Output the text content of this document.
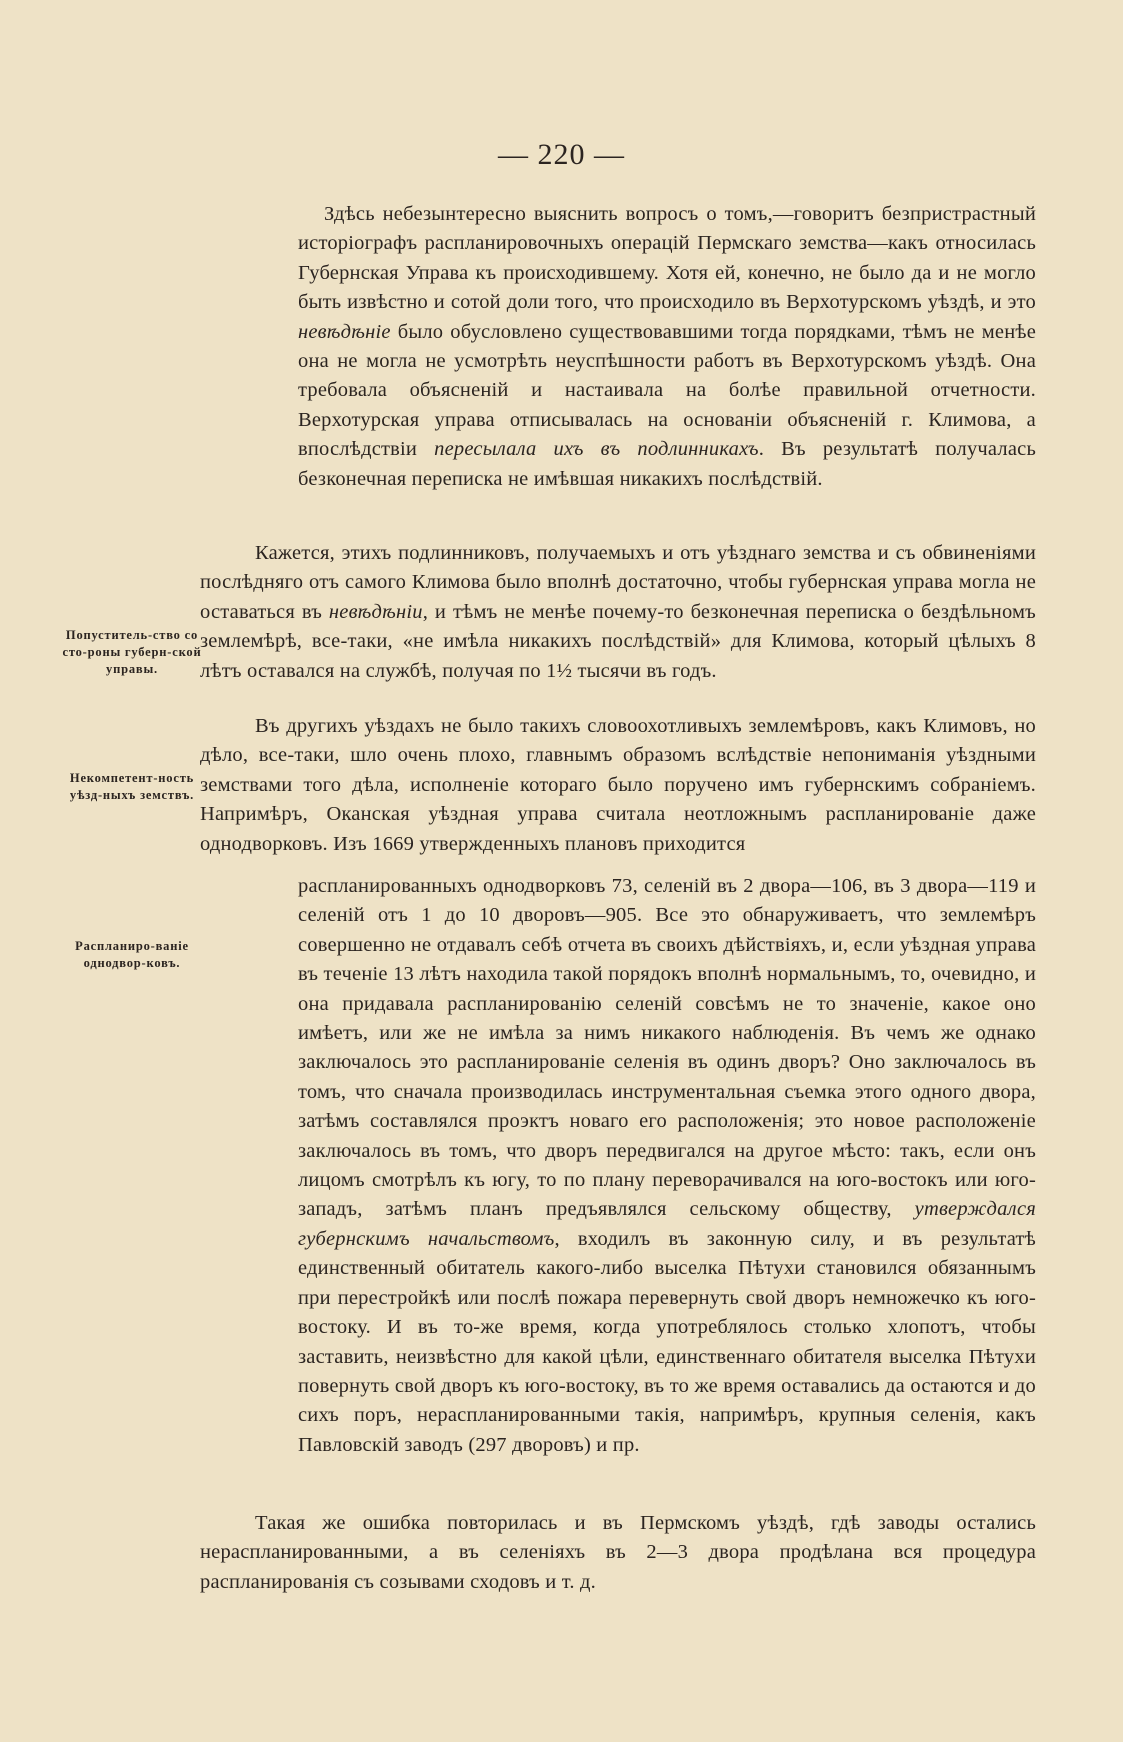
— 220 —

Здѣсь небезынтересно выяснить вопросъ о томъ,—говоритъ безпристрастный исторіографъ распланировочныхъ операцій Пермскаго земства—какъ относилась Губернская Управа къ происходившему. Хотя ей, конечно, не было да и не могло быть извѣстно и сотой доли того, что происходило въ Верхотурскомъ уѣздѣ, и это невѣдѣніе было обусловлено существовавшими тогда порядками, тѣмъ не менѣе она не могла не усмотрѣть неуспѣшности работъ въ Верхотурскомъ уѣздѣ. Она требовала объясненій и настаивала на болѣе правильной отчетности. Верхотурская управа отписывалась на основаніи объясненій г. Климова, а впослѣдствіи пересылала ихъ въ подлинникахъ. Въ результатѣ получалась безконечная переписка не имѣвшая никакихъ послѣдствій.

Кажется, этихъ подлинниковъ, получаемыхъ и отъ уѣзднаго земства и съ обвиненіями послѣдняго отъ самого Климова было вполнѣ достаточно, чтобы губернская управа могла не оставаться въ невѣдѣніи, и тѣмъ не менѣе почему-то безконечная переписка о бездѣльномъ землемѣрѣ, все-таки, «не имѣла никакихъ послѣдствій» для Климова, который цѣлыхъ 8 лѣтъ оставался на службѣ, получая по 1½ тысячи въ годъ.

Въ другихъ уѣздахъ не было такихъ словоохотливыхъ землемѣровъ, какъ Климовъ, но дѣло, все-таки, шло очень плохо, главнымъ образомъ вслѣдствіе непониманія уѣздными земствами того дѣла, исполненіе котораго было поручено имъ губернскимъ собраніемъ. Напримѣръ, Оканская уѣздная управа считала неотложнымъ распланированіе даже однодворковъ. Изъ 1669 утвержденныхъ плановъ приходится

распланированныхъ однодворковъ 73, селеній въ 2 двора—106, въ 3 двора—119 и селеній отъ 1 до 10 дворовъ—905. Все это обнаруживаетъ, что землемѣръ совершенно не отдавалъ себѣ отчета въ своихъ дѣйствіяхъ, и, если уѣздная управа въ теченіе 13 лѣтъ находила такой порядокъ вполнѣ нормальнымъ, то, очевидно, и она придавала распланированію селеній совсѣмъ не то значеніе, какое оно имѣетъ, или же не имѣла за нимъ никакого наблюденія. Въ чемъ же однако заключалось это распланированіе селенія въ одинъ дворъ? Оно заключалось въ томъ, что сначала производилась инструментальная съемка этого одного двора, затѣмъ составлялся проэктъ новаго его расположенія; это новое расположеніе заключалось въ томъ, что дворъ передвигался на другое мѣсто: такъ, если онъ лицомъ смотрѣлъ къ югу, то по плану переворачивался на юго-востокъ или юго-западъ, затѣмъ планъ предъявлялся сельскому обществу, утверждался губернскимъ начальствомъ, входилъ въ законную силу, и въ результатѣ единственный обитатель какого-либо выселка Пѣтухи становился обязаннымъ при перестройкѣ или послѣ пожара перевернуть свой дворъ немножечко къ юго-востоку. И въ то-же время, когда употреблялось столько хлопотъ, чтобы заставить, неизвѣстно для какой цѣли, единственнаго обитателя выселка Пѣтухи повернуть свой дворъ къ юго-востоку, въ то же время оставались да остаются и до сихъ поръ, нераспланированными такія, напримѣръ, крупныя селенія, какъ Павловскій заводъ (297 дворовъ) и пр.

Такая же ошибка повторилась и въ Пермскомъ уѣздѣ, гдѣ заводы остались нераспланированными, а въ селеніяхъ въ 2—3 двора продѣлана вся процедура распланированія съ созывами сходовъ и т. д.

Попуститель-ство со сто-роны губерн-ской управы.

Некомпетент-ность уѣзд-ныхъ земствъ.

Распланиро-ваніе однодвор-ковъ.
